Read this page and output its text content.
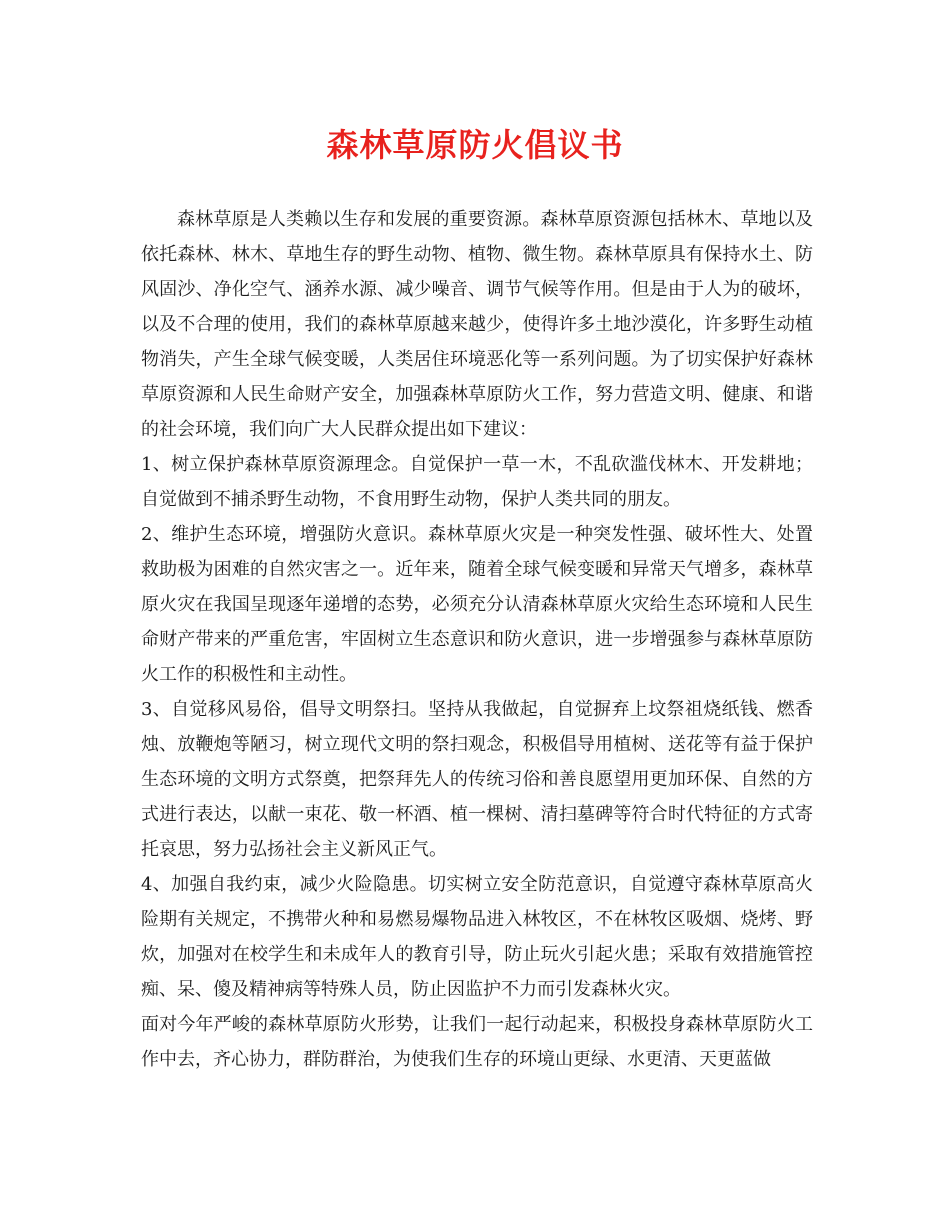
森林草原防火倡议书

森林草原是人类赖以生存和发展的重要资源。森林草原资源包括林木、草地以及依托森林、林木、草地生存的野生动物、植物、微生物。森林草原具有保持水土、防风固沙、净化空气、涵养水源、减少噪音、调节气候等作用。但是由于人为的破坏，以及不合理的使用，我们的森林草原越来越少，使得许多土地沙漠化，许多野生动植物消失，产生全球气候变暖，人类居住环境恶化等一系列问题。为了切实保护好森林草原资源和人民生命财产安全，加强森林草原防火工作，努力营造文明、健康、和谐的社会环境，我们向广大人民群众提出如下建议：

1、树立保护森林草原资源理念。自觉保护一草一木，不乱砍滥伐林木、开发耕地；自觉做到不捕杀野生动物，不食用野生动物，保护人类共同的朋友。

2、维护生态环境，增强防火意识。森林草原火灾是一种突发性强、破坏性大、处置救助极为困难的自然灾害之一。近年来，随着全球气候变暖和异常天气增多，森林草原火灾在我国呈现逐年递增的态势，必须充分认清森林草原火灾给生态环境和人民生命财产带来的严重危害，牢固树立生态意识和防火意识，进一步增强参与森林草原防火工作的积极性和主动性。

3、自觉移风易俗，倡导文明祭扫。坚持从我做起，自觉摒弃上坟祭祖烧纸钱、燃香烛、放鞭炮等陋习，树立现代文明的祭扫观念，积极倡导用植树、送花等有益于保护生态环境的文明方式祭奠，把祭拜先人的传统习俗和善良愿望用更加环保、自然的方式进行表达，以献一束花、敬一杯酒、植一棵树、清扫墓碑等符合时代特征的方式寄托哀思，努力弘扬社会主义新风正气。

4、加强自我约束，减少火险隐患。切实树立安全防范意识，自觉遵守森林草原高火险期有关规定，不携带火种和易燃易爆物品进入林牧区，不在林牧区吸烟、烧烤、野炊，加强对在校学生和未成年人的教育引导，防止玩火引起火患；采取有效措施管控痴、呆、傻及精神病等特殊人员，防止因监护不力而引发森林火灾。

面对今年严峻的森林草原防火形势，让我们一起行动起来，积极投身森林草原防火工作中去，齐心协力，群防群治，为使我们生存的环境山更绿、水更清、天更蓝做
